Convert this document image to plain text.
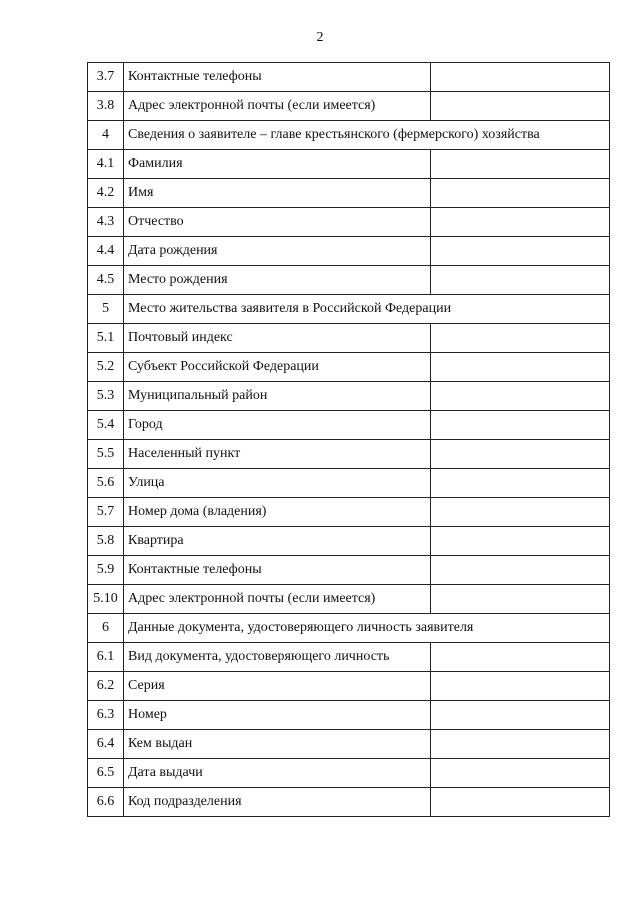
2
3.7	Контактные телефоны	
3.8	Адрес электронной почты (если имеется)	
4	Сведения о заявителе – главе крестьянского (фермерского) хозяйства	
4.1	Фамилия	
4.2	Имя	
4.3	Отчество	
4.4	Дата рождения	
4.5	Место рождения	
5	Место жительства заявителя в Российской Федерации	
5.1	Почтовый индекс	
5.2	Субъект Российской Федерации	
5.3	Муниципальный район	
5.4	Город	
5.5	Населенный пункт	
5.6	Улица	
5.7	Номер дома (владения)	
5.8	Квартира	
5.9	Контактные телефоны	
5.10	Адрес электронной почты (если имеется)	
6	Данные документа, удостоверяющего личность заявителя	
6.1	Вид документа, удостоверяющего личность	
6.2	Серия	
6.3	Номер	
6.4	Кем выдан	
6.5	Дата выдачи	
6.6	Код подразделения	
